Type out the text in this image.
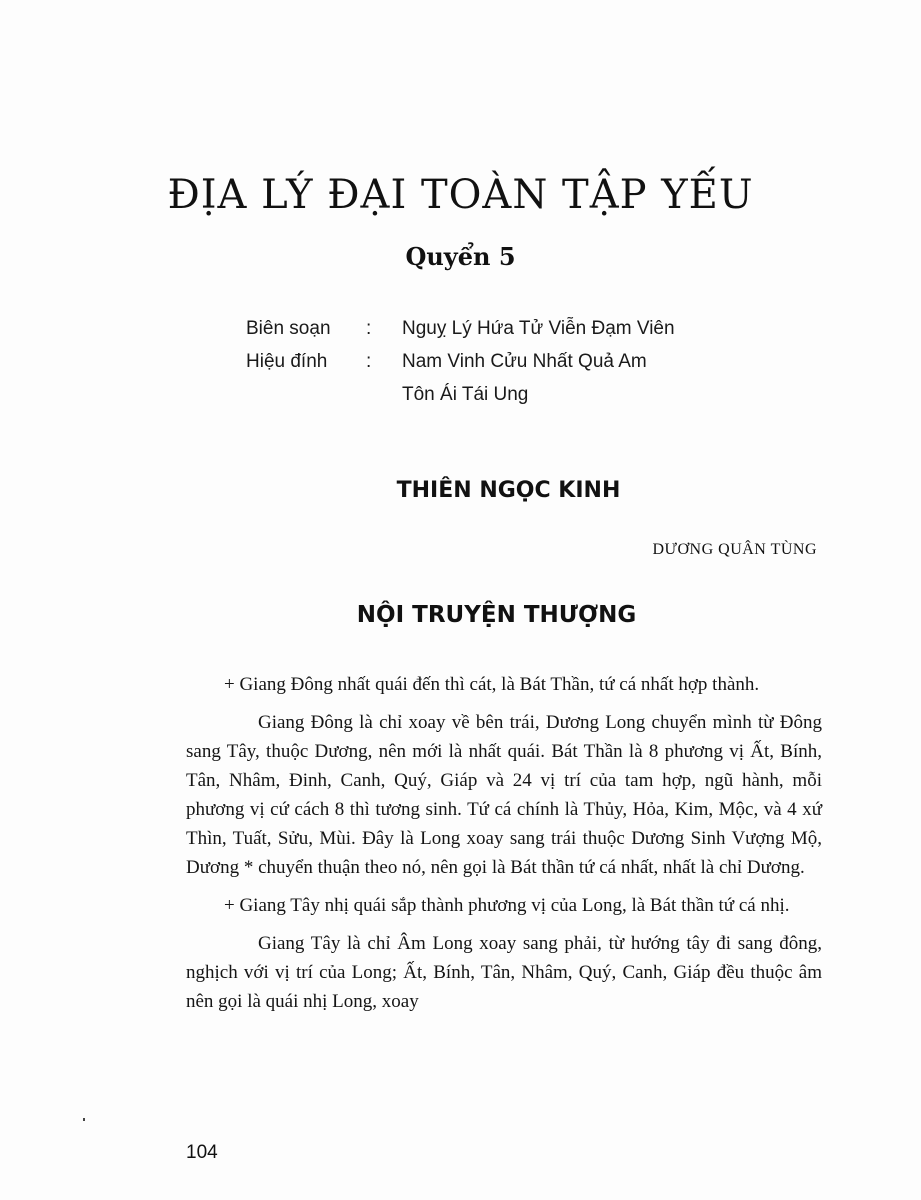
ĐỊA LÝ ĐẠI TOÀN TẬP YẾU
Quyển 5
Biên soạn	:	Nguỵ Lý Hứa Tử Viễn Đạm Viên
Hiệu đính	:	Nam Vinh Cửu Nhất Quả Am
Tôn Ái Tái Ung
THIÊN NGỌC KINH
DƯƠNG QUÂN TÙNG
NỘI TRUYỆN THƯỢNG

+ Giang Đông nhất quái đến thì cát, là Bát Thần, tứ cá nhất hợp thành.

Giang Đông là chỉ xoay về bên trái, Dương Long chuyển mình từ Đông sang Tây, thuộc Dương, nên mới là nhất quái. Bát Thần là 8 phương vị Ất, Bính, Tân, Nhâm, Đinh, Canh, Quý, Giáp và 24 vị trí của tam hợp, ngũ hành, mỗi phương vị cứ cách 8 thì tương sinh. Tứ cá chính là Thủy, Hỏa, Kim, Mộc, và 4 xứ Thìn, Tuất, Sửu, Mùi. Đây là Long xoay sang trái thuộc Dương Sinh Vượng Mộ, Dương * chuyển thuận theo nó, nên gọi là Bát thần tứ cá nhất, nhất là chỉ Dương.

+ Giang Tây nhị quái sắp thành phương vị của Long, là Bát thần tứ cá nhị.

Giang Tây là chỉ Âm Long xoay sang phải, từ hướng tây đi sang đông, nghịch với vị trí của Long; Ất, Bính, Tân, Nhâm, Quý, Canh, Giáp đều thuộc âm nên gọi là quái nhị Long, xoay

104
